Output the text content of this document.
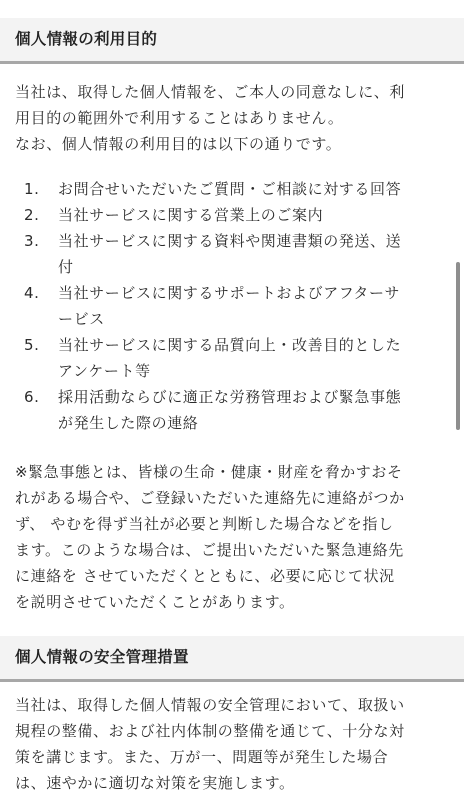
個人情報の利用目的
当社は、取得した個人情報を、ご本人の同意なしに、利
用目的の範囲外で利用することはありません。
なお、個人情報の利用目的は以下の通りです。
1.	お問合せいただいたご質問・ご相談に対する回答
2.	当社サービスに関する営業上のご案内
3.	当社サービスに関する資料や関連書類の発送、送
付
4.	当社サービスに関するサポートおよびアフターサ
ービス
5.	当社サービスに関する品質向上・改善目的とした
アンケート等
6.	採用活動ならびに適正な労務管理および緊急事態
が発生した際の連絡
※緊急事態とは、皆様の生命・健康・財産を脅かすおそ
れがある場合や、ご登録いただいた連絡先に連絡がつか
ず、 やむを得ず当社が必要と判断した場合などを指し
ます。このような場合は、ご提出いただいた緊急連絡先
に連絡を させていただくとともに、必要に応じて状況
を説明させていただくことがあります。
個人情報の安全管理措置
当社は、取得した個人情報の安全管理において、取扱い
規程の整備、および社内体制の整備を通じて、十分な対
策を講じます。また、万が一、問題等が発生した場合
は、速やかに適切な対策を実施します。
